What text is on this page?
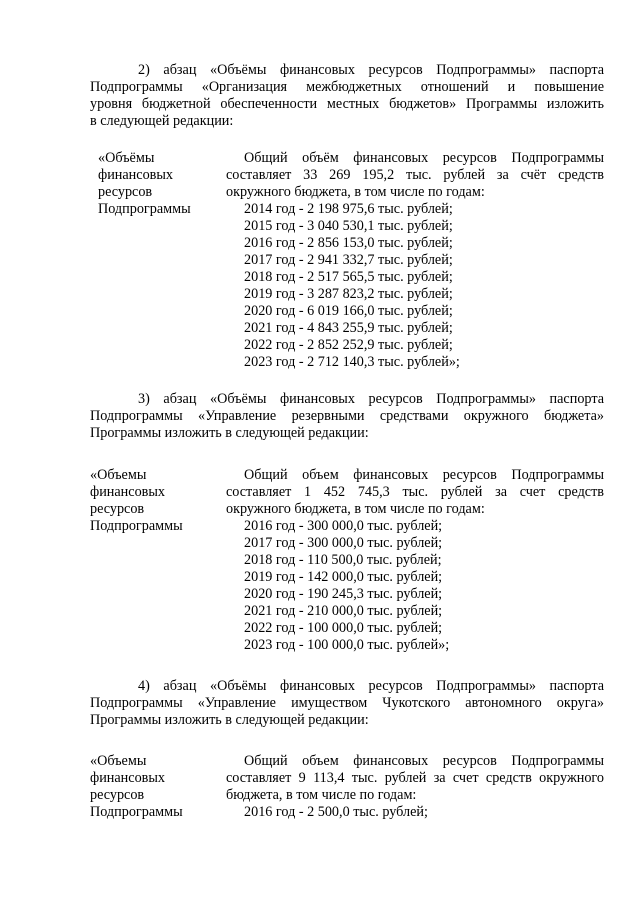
2) абзац «Объёмы финансовых ресурсов Подпрограммы» паспорта
Подпрограммы «Организация межбюджетных отношений и повышение
уровня бюджетной обеспеченности местных бюджетов» Программы изложить
в следующей редакции:
«Объёмы
финансовых
ресурсов
Подпрограммы
Общий объём финансовых ресурсов Подпрограммы
составляет 33 269 195,2 тыс. рублей за счёт средств
окружного бюджета, в том числе по годам:
2014 год - 2 198 975,6 тыс. рублей;
2015 год - 3 040 530,1 тыс. рублей;
2016 год - 2 856 153,0 тыс. рублей;
2017 год - 2 941 332,7 тыс. рублей;
2018 год - 2 517 565,5 тыс. рублей;
2019 год - 3 287 823,2 тыс. рублей;
2020 год - 6 019 166,0 тыс. рублей;
2021 год - 4 843 255,9 тыс. рублей;
2022 год - 2 852 252,9 тыс. рублей;
2023 год - 2 712 140,3 тыс. рублей»;
3) абзац «Объёмы финансовых ресурсов Подпрограммы» паспорта
Подпрограммы «Управление резервными средствами окружного бюджета»
Программы изложить в следующей редакции:
«Объемы
финансовых
ресурсов
Подпрограммы
Общий объем финансовых ресурсов Подпрограммы
составляет 1 452 745,3 тыс. рублей за счет средств
окружного бюджета, в том числе по годам:
2016 год - 300 000,0 тыс. рублей;
2017 год - 300 000,0 тыс. рублей;
2018 год - 110 500,0 тыс. рублей;
2019 год - 142 000,0 тыс. рублей;
2020 год - 190 245,3 тыс. рублей;
2021 год - 210 000,0 тыс. рублей;
2022 год - 100 000,0 тыс. рублей;
2023 год - 100 000,0 тыс. рублей»;
4) абзац «Объёмы финансовых ресурсов Подпрограммы» паспорта
Подпрограммы «Управление имуществом Чукотского автономного округа»
Программы изложить в следующей редакции:
«Объемы
финансовых
ресурсов
Подпрограммы
Общий объем финансовых ресурсов Подпрограммы
составляет 9 113,4 тыс. рублей за счет средств окружного
бюджета, в том числе по годам:
2016 год - 2 500,0 тыс. рублей;
